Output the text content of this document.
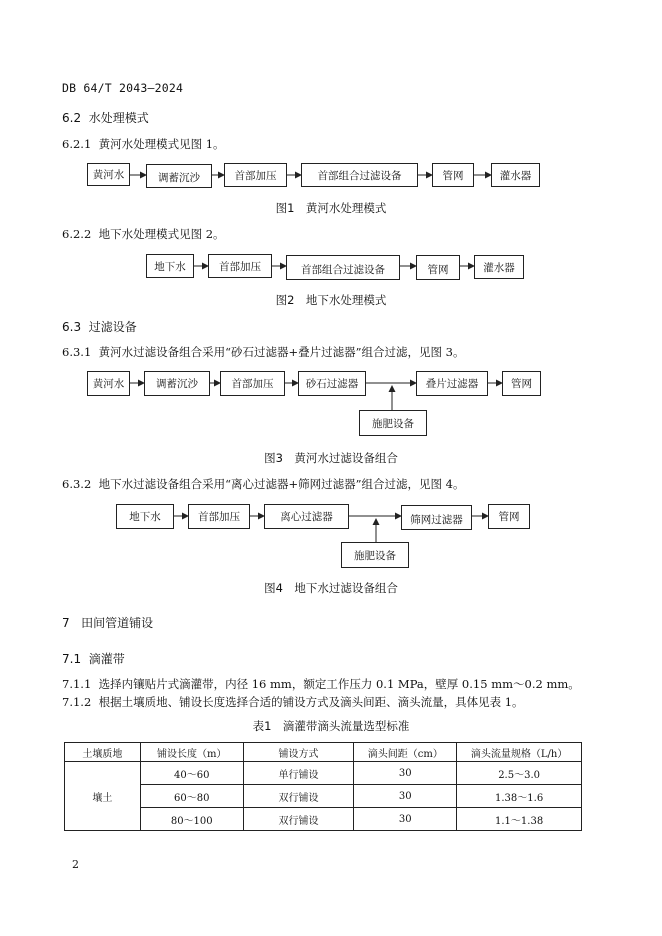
DB 64/T 2043—2024
6.2 水处理模式
6.2.1 黄河水处理模式见图 1。
黄河水	调蓄沉沙	首部加压	首部组合过滤设备	管网	灌水器
图1　黄河水处理模式
6.2.2 地下水处理模式见图 2。
地下水	首部加压	首部组合过滤设备	管网	灌水器
图2　地下水处理模式
6.3 过滤设备
6.3.1 黄河水过滤设备组合采用“砂石过滤器+叠片过滤器”组合过滤，见图 3。
黄河水	调蓄沉沙	首部加压	砂石过滤器	叠片过滤器	管网
施肥设备
图3　黄河水过滤设备组合
6.3.2 地下水过滤设备组合采用“离心过滤器+筛网过滤器”组合过滤，见图 4。
地下水	首部加压	离心过滤器	筛网过滤器	管网
施肥设备
图4　地下水过滤设备组合
7 田间管道铺设
7.1 滴灌带
7.1.1 选择内镶贴片式滴灌带，内径 16 mm，额定工作压力 0.1 MPa，壁厚 0.15 mm～0.2 mm。
7.1.2 根据土壤质地、铺设长度选择合适的铺设方式及滴头间距、滴头流量，具体见表 1。
表1　滴灌带滴头流量选型标准
土壤质地	铺设长度（m）	铺设方式	滴头间距（cm）	滴头流量规格（L/h）
壤土	40～60	单行铺设	30	2.5～3.0
	60～80	双行铺设	30	1.38～1.6
	80～100	双行铺设	30	1.1～1.38
2
